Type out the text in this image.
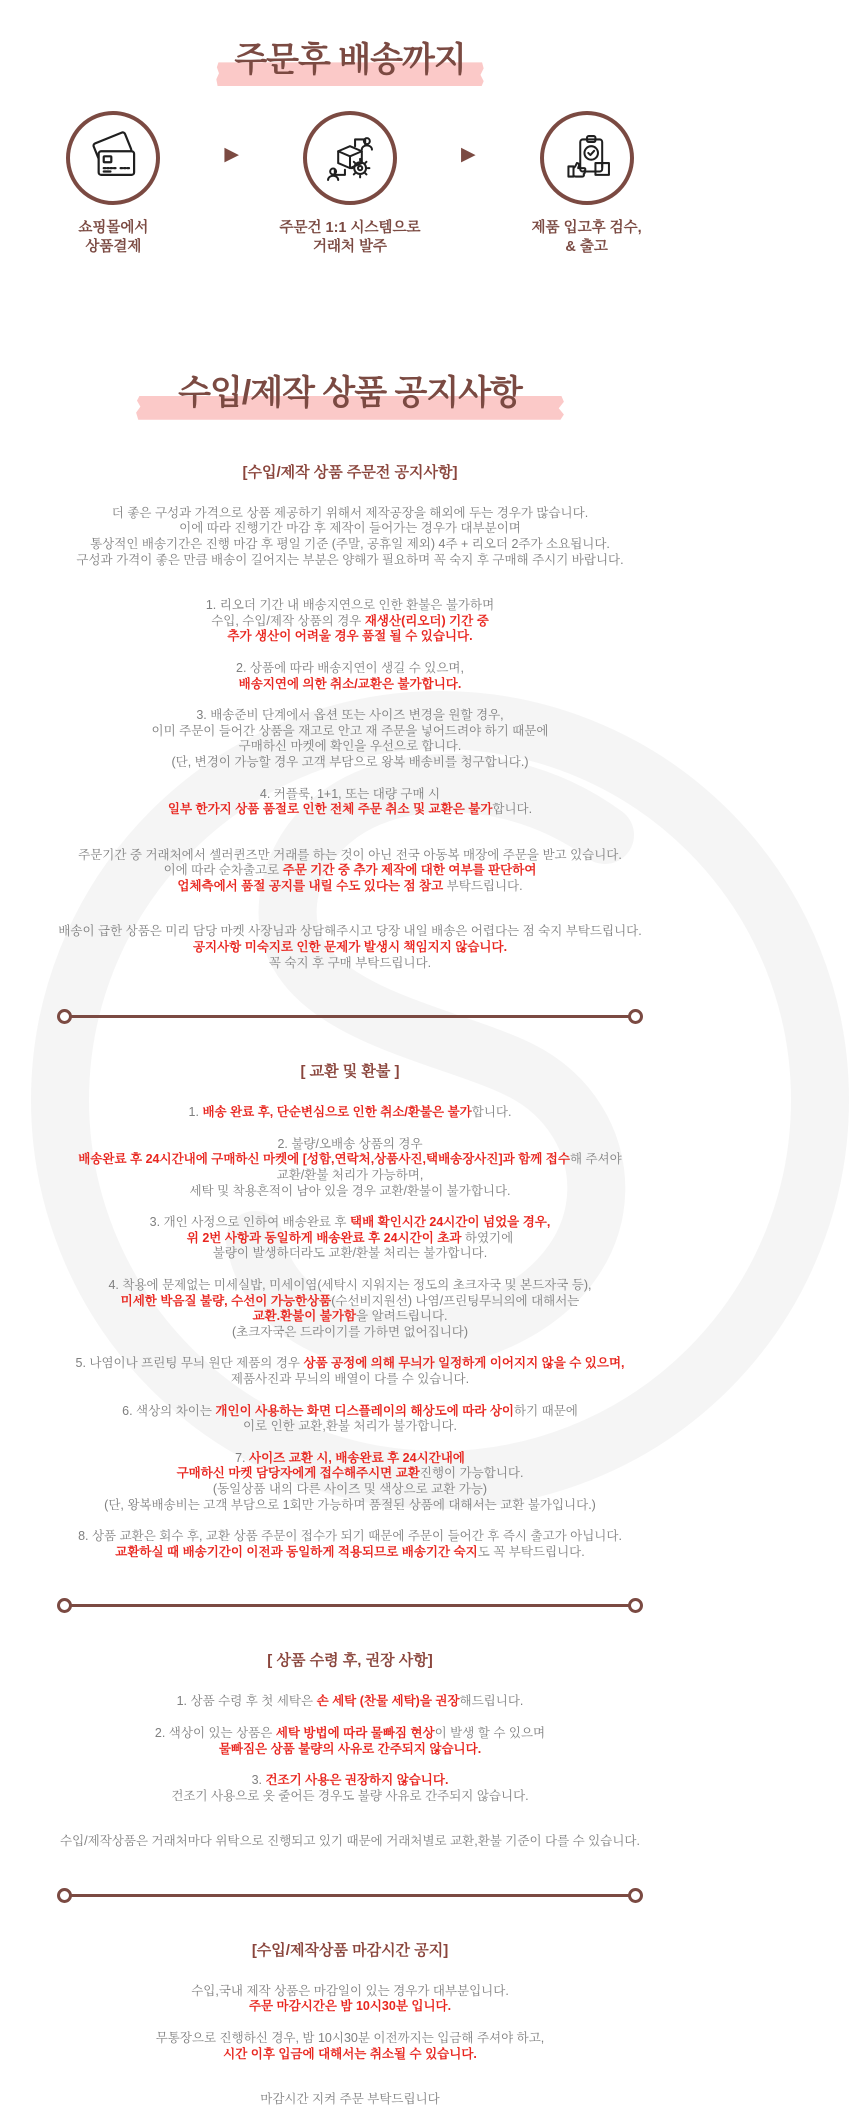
주문후 배송까지
쇼핑몰에서
상품결제
▶
주문건 1:1 시스템으로
거래처 발주
▶
제품 입고후 검수,
& 출고
수입/제작 상품 공지사항
[수입/제작 상품 주문전 공지사항]
더 좋은 구성과 가격으로 상품 제공하기 위해서 제작공장을 해외에 두는 경우가 많습니다.
이에 따라 진행기간 마감 후 제작이 들어가는 경우가 대부분이며
통상적인 배송기간은 진행 마감 후 평일 기준 (주말, 공휴일 제외) 4주 + 리오더 2주가 소요됩니다.
구성과 가격이 좋은 만큼 배송이 길어지는 부분은 양해가 필요하며 꼭 숙지 후 구매해 주시기 바랍니다.
1. 리오더 기간 내 배송지연으로 인한 환불은 불가하며
수입, 수입/제작 상품의 경우 재생산(리오더) 기간 중
추가 생산이 어려울 경우 품절 될 수 있습니다.
2. 상품에 따라 배송지연이 생길 수 있으며,
배송지연에 의한 취소/교환은 불가합니다.
3. 배송준비 단계에서 옵션 또는 사이즈 변경을 원할 경우,
이미 주문이 들어간 상품을 재고로 안고 재 주문을 넣어드려야 하기 때문에
구매하신 마켓에 확인을 우선으로 합니다.
(단, 변경이 가능할 경우 고객 부담으로 왕복 배송비를 청구합니다.)
4. 커플룩, 1+1, 또는 대량 구매 시
일부 한가지 상품 품절로 인한 전체 주문 취소 및 교환은 불가합니다.
주문기간 중 거래처에서 셀러퀸즈만 거래를 하는 것이 아닌 전국 아동복 매장에 주문을 받고 있습니다.
이에 따라 순차출고로 주문 기간 중 추가 제작에 대한 여부를 판단하여
업체측에서 품절 공지를 내릴 수도 있다는 점 참고 부탁드립니다.
배송이 급한 상품은 미리 담당 마켓 사장님과 상담해주시고 당장 내일 배송은 어렵다는 점 숙지 부탁드립니다.
공지사항 미숙지로 인한 문제가 발생시 책임지지 않습니다.
꼭 숙지 후 구매 부탁드립니다.
[ 교환 및 환불 ]
1. 배송 완료 후, 단순변심으로 인한 취소/환불은 불가합니다.
2. 불량/오배송 상품의 경우
배송완료 후 24시간내에 구매하신 마켓에 [성함,연락처,상품사진,택배송장사진]과 함께 접수해 주셔야
교환/환불 처리가 가능하며,
세탁 및 착용흔적이 남아 있을 경우 교환/환불이 불가합니다.
3. 개인 사정으로 인하여 배송완료 후 택배 확인시간 24시간이 넘었을 경우,
위 2번 사항과 동일하게 배송완료 후 24시간이 초과 하였기에
불량이 발생하더라도 교환/환불 처리는 불가합니다.
4. 착용에 문제없는 미세실밥, 미세이염(세탁시 지워지는 정도의 초크자국 및 본드자국 등),
미세한 박음질 불량, 수선이 가능한상품(수선비지원선) 나염/프린팅무늬의에 대해서는
교환.환불이 불가함을 알려드립니다.
(초크자국은 드라이기를 가하면 없어집니다)
5. 나염이나 프린팅 무늬 원단 제품의 경우 상품 공정에 의해 무늬가 일정하게 이어지지 않을 수 있으며,
제품사진과 무늬의 배열이 다를 수 있습니다.
6. 색상의 차이는 개인이 사용하는 화면 디스플레이의 해상도에 따라 상이하기 때문에
이로 인한 교환,환불 처리가 불가합니다.
7. 사이즈 교환 시, 배송완료 후 24시간내에
구매하신 마켓 담당자에게 접수해주시면 교환진행이 가능합니다.
(동일상품 내의 다른 사이즈 및 색상으로 교환 가능)
(단, 왕복배송비는 고객 부담으로 1회만 가능하며 품절된 상품에 대해서는 교환 불가입니다.)
8. 상품 교환은 회수 후, 교환 상품 주문이 접수가 되기 때문에 주문이 들어간 후 즉시 출고가 아닙니다.
교환하실 때 배송기간이 이전과 동일하게 적용되므로 배송기간 숙지도 꼭 부탁드립니다.
[ 상품 수령 후, 권장 사항]
1. 상품 수령 후 첫 세탁은 손 세탁 (찬물 세탁)을 권장해드립니다.
2. 색상이 있는 상품은 세탁 방법에 따라 물빠짐 현상이 발생 할 수 있으며
물빠짐은 상품 불량의 사유로 간주되지 않습니다.
3. 건조기 사용은 권장하지 않습니다.
건조기 사용으로 옷 줄어든 경우도 불량 사유로 간주되지 않습니다.
수입/제작상품은 거래처마다 위탁으로 진행되고 있기 때문에 거래처별로 교환,환불 기준이 다를 수 있습니다.
[수입/제작상품 마감시간 공지]
수입,국내 제작 상품은 마감일이 있는 경우가 대부분입니다.
주문 마감시간은 밤 10시30분 입니다.
무통장으로 진행하신 경우, 밤 10시30분 이전까지는 입금해 주셔야 하고,
시간 이후 입금에 대해서는 취소될 수 있습니다.
마감시간 지켜 주문 부탁드립니다
